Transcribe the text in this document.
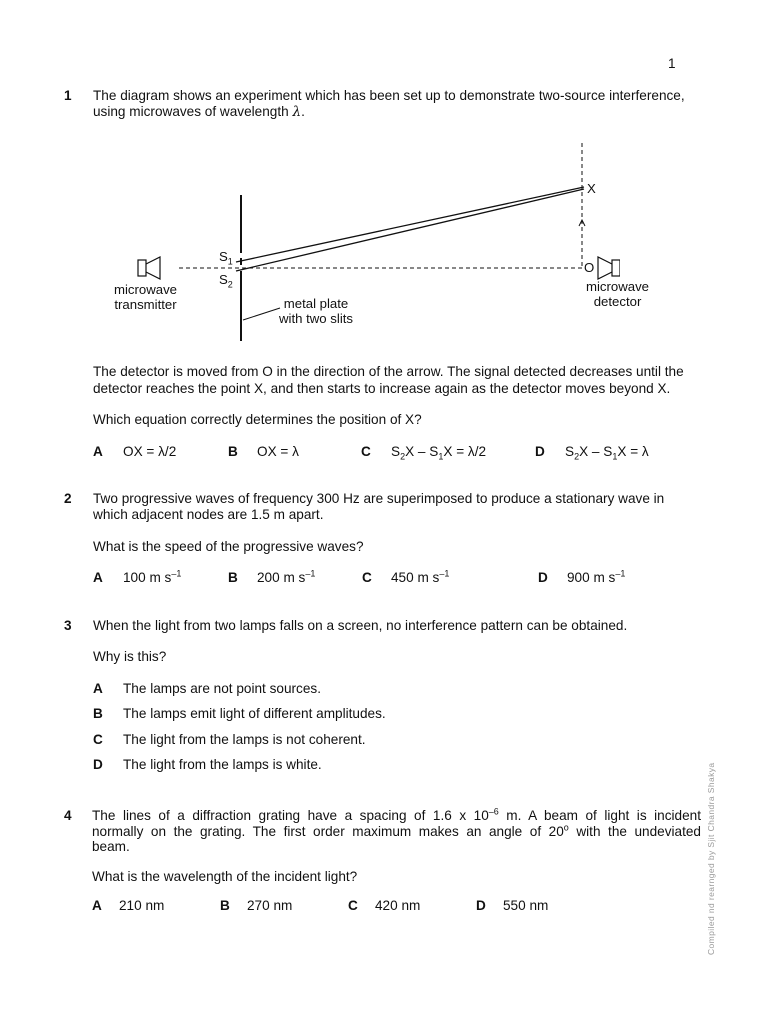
1
1 The diagram shows an experiment which has been set up to demonstrate two-source interference,
using microwaves of wavelength λ.
X
O
$S_1$
$S_2$
microwave
transmitter
microwave
detector
metal plate
with two slits
The detector is moved from O in the direction of the arrow. The signal detected decreases until the
detector reaches the point X, and then starts to increase again as the detector moves beyond X.
Which equation correctly determines the position of X?
A OX = λ/2	B OX = λ	C $S_2X - S_1X = \lambda/2$	D $S_2X - S_1X = \lambda$
2 Two progressive waves of frequency 300 Hz are superimposed to produce a stationary wave in
which adjacent nodes are 1.5 m apart.
What is the speed of the progressive waves?
A 100 m $s^{-1}$	B 200 m $s^{-1}$	C 450 m $s^{-1}$	D 900 m $s^{-1}$
3 When the light from two lamps falls on a screen, no interference pattern can be obtained.
Why is this?
A The lamps are not point sources.
B The lamps emit light of different amplitudes.
C The light from the lamps is not coherent.
D The light from the lamps is white.
4 The lines of a diffraction grating have a spacing of 1.6 x $10^{-6}$ m. A beam of light is incident
normally on the grating. The first order maximum makes an angle of 20$^o$ with the undeviated
beam.
What is the wavelength of the incident light?
A 210 nm	B 270 nm	C 420 nm	D 550 nm	Compiled nd rearnged by Sjit Chandra Shakya
